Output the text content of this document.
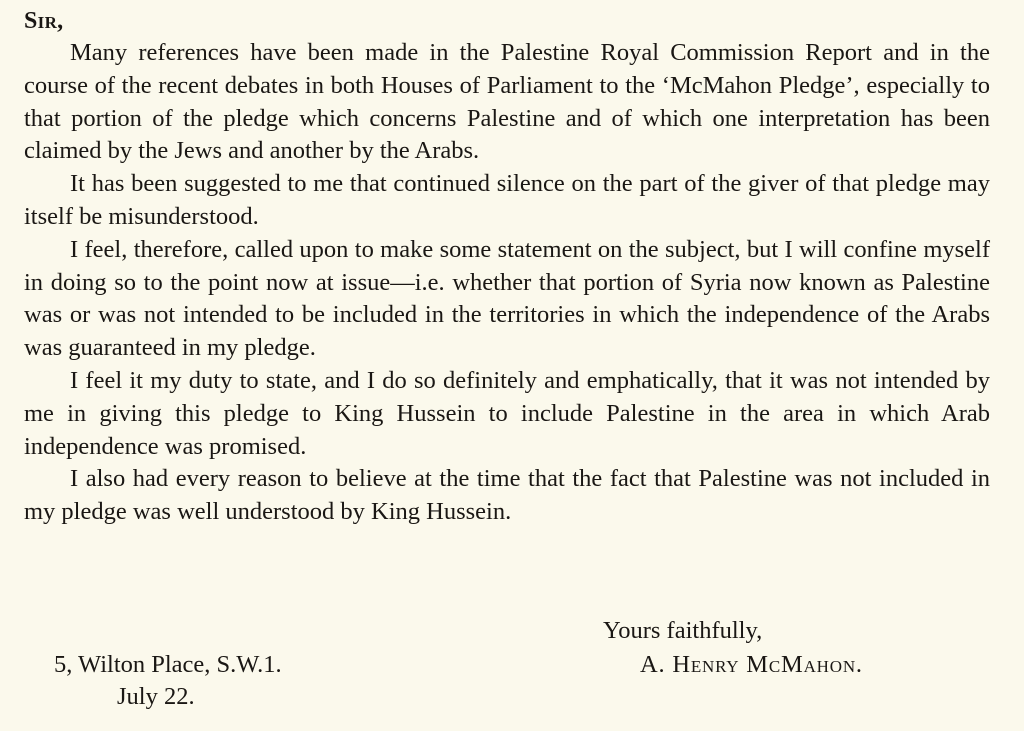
Sir,

Many references have been made in the Palestine Royal Commission Report and in the course of the recent debates in both Houses of Parliament to the ‘McMahon Pledge’, especially to that portion of the pledge which concerns Palestine and of which one interpretation has been claimed by the Jews and another by the Arabs.

It has been suggested to me that continued silence on the part of the giver of that pledge may itself be misunderstood.

I feel, therefore, called upon to make some statement on the subject, but I will confine myself in doing so to the point now at issue—i.e. whether that portion of Syria now known as Palestine was or was not intended to be included in the territories in which the independence of the Arabs was guaranteed in my pledge.

I feel it my duty to state, and I do so definitely and emphatically, that it was not intended by me in giving this pledge to King Hussein to include Palestine in the area in which Arab independence was promised.

I also had every reason to believe at the time that the fact that Palestine was not included in my pledge was well understood by King Hussein.

Yours faithfully,
5, Wilton Place, S.W.1.	A. Henry McMahon.
July 22.
